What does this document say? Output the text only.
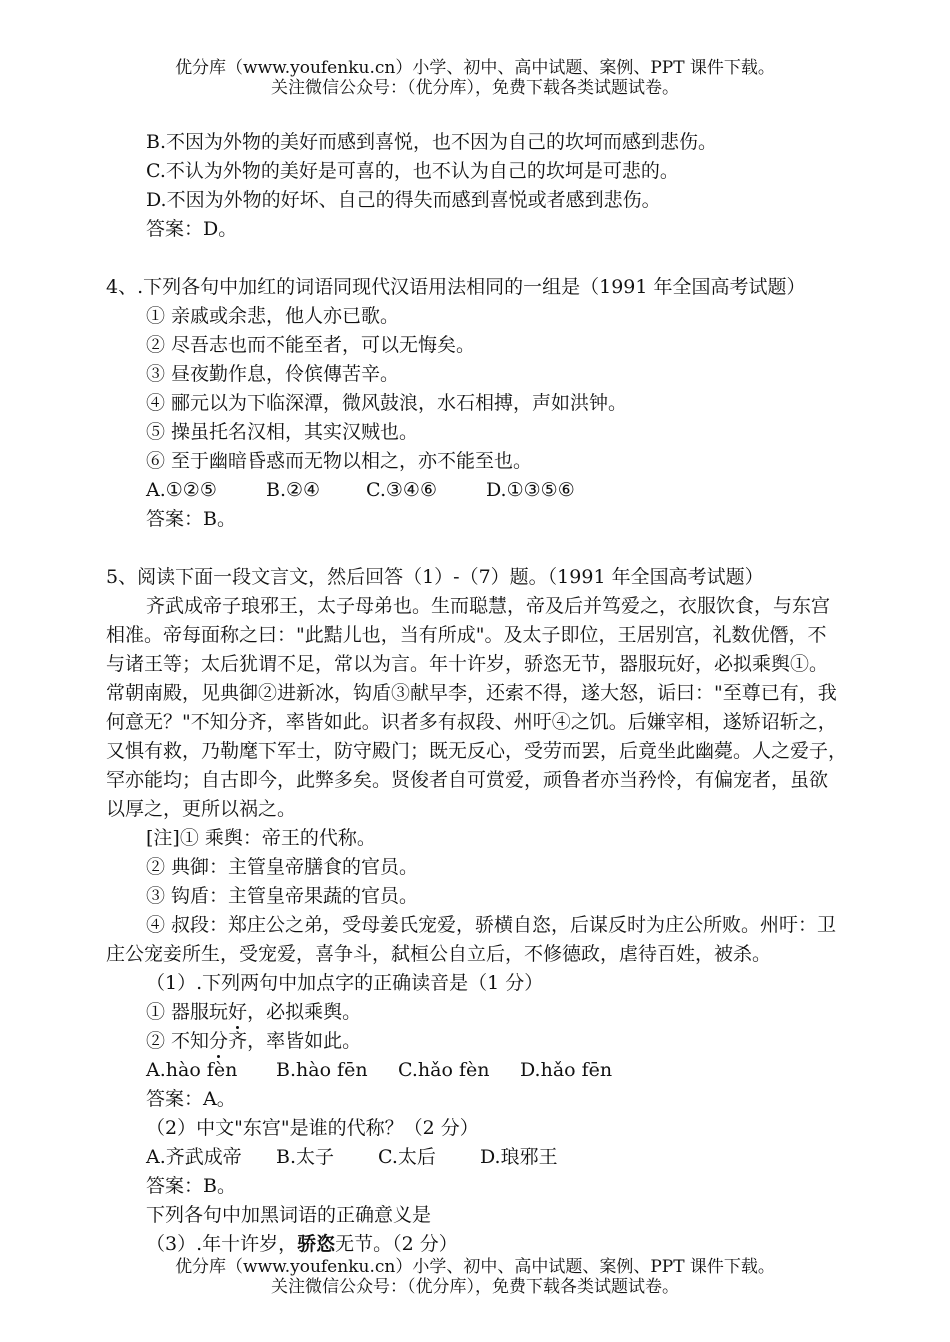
优分库（www.youfenku.cn）小学、初中、高中试题、案例、PPT 课件下载。
关注微信公众号：（优分库），免费下载各类试题试卷。
B.不因为外物的美好而感到喜悦，也不因为自己的坎坷而感到悲伤。
C.不认为外物的美好是可喜的，也不认为自己的坎坷是可悲的。
D.不因为外物的好坏、自己的得失而感到喜悦或者感到悲伤。
答案：D。
4、.下列各句中加红的词语同现代汉语用法相同的一组是（1991 年全国高考试题）
① 亲戚或余悲，他人亦已歌。
② 尽吾志也而不能至者，可以无悔矣。
③ 昼夜勤作息，伶傧傳苦辛。
④ 郦元以为下临深潭，微风鼓浪，水石相搏，声如洪钟。
⑤ 操虽托名汉相，其实汉贼也。
⑥ 至于幽暗昏惑而无物以相之，亦不能至也。
A.①②⑤	B.②④ C.③④⑥	D.①③⑤⑥
答案：B。
5、阅读下面一段文言文，然后回答（1）-（7）题。（1991 年全国高考试题）
齐武成帝子琅邪王，太子母弟也。生而聪慧，帝及后并笃爱之，衣服饮食，与东宫
相准。帝每面称之曰："此黠儿也，当有所成"。及太子即位，王居别宫，礼数优僭，不
与诸王等；太后犹谓不足，常以为言。年十许岁，骄恣无节，器服玩好，必拟乘舆①。
常朝南殿，见典御②进新冰，钩盾③献早李，还索不得，遂大怒，诟曰："至尊已有，我
何意无？"不知分齐，率皆如此。识者多有叔段、州吁④之饥。后嫌宰相，遂矫诏斩之，
又惧有救，乃勒麾下军士，防守殿门；既无反心，受劳而罢，后竟坐此幽薨。人之爱子，
罕亦能均；自古即今，此弊多矣。贤俊者自可赏爱，顽鲁者亦当矜怜，有偏宠者，虽欲
以厚之，更所以祸之。
[注]① 乘舆：帝王的代称。
② 典御：主管皇帝膳食的官员。
③ 钩盾：主管皇帝果蔬的官员。
④ 叔段：郑庄公之弟，受母姜氏宠爱，骄横自恣，后谋反时为庄公所败。州吁：卫
庄公宠妾所生，受宠爱，喜争斗，弑桓公自立后，不修德政，虐待百姓，被杀。
（1）.下列两句中加点字的正确读音是（1 分）
① 器服玩好，必拟乘舆。
② 不知分齐，率皆如此。
A.hào fèn B.hào fēn C.hǎo fèn D.hǎo fēn
答案：A。
（2）中文"东宫"是谁的代称？（2 分）
A.齐武成帝 B.太子 C.太后 D.琅邪王
答案：B。
下列各句中加黑词语的正确意义是
（3）.年十许岁，骄恣无节。（2 分）
优分库（www.youfenku.cn）小学、初中、高中试题、案例、PPT 课件下载。
关注微信公众号：（优分库），免费下载各类试题试卷。
